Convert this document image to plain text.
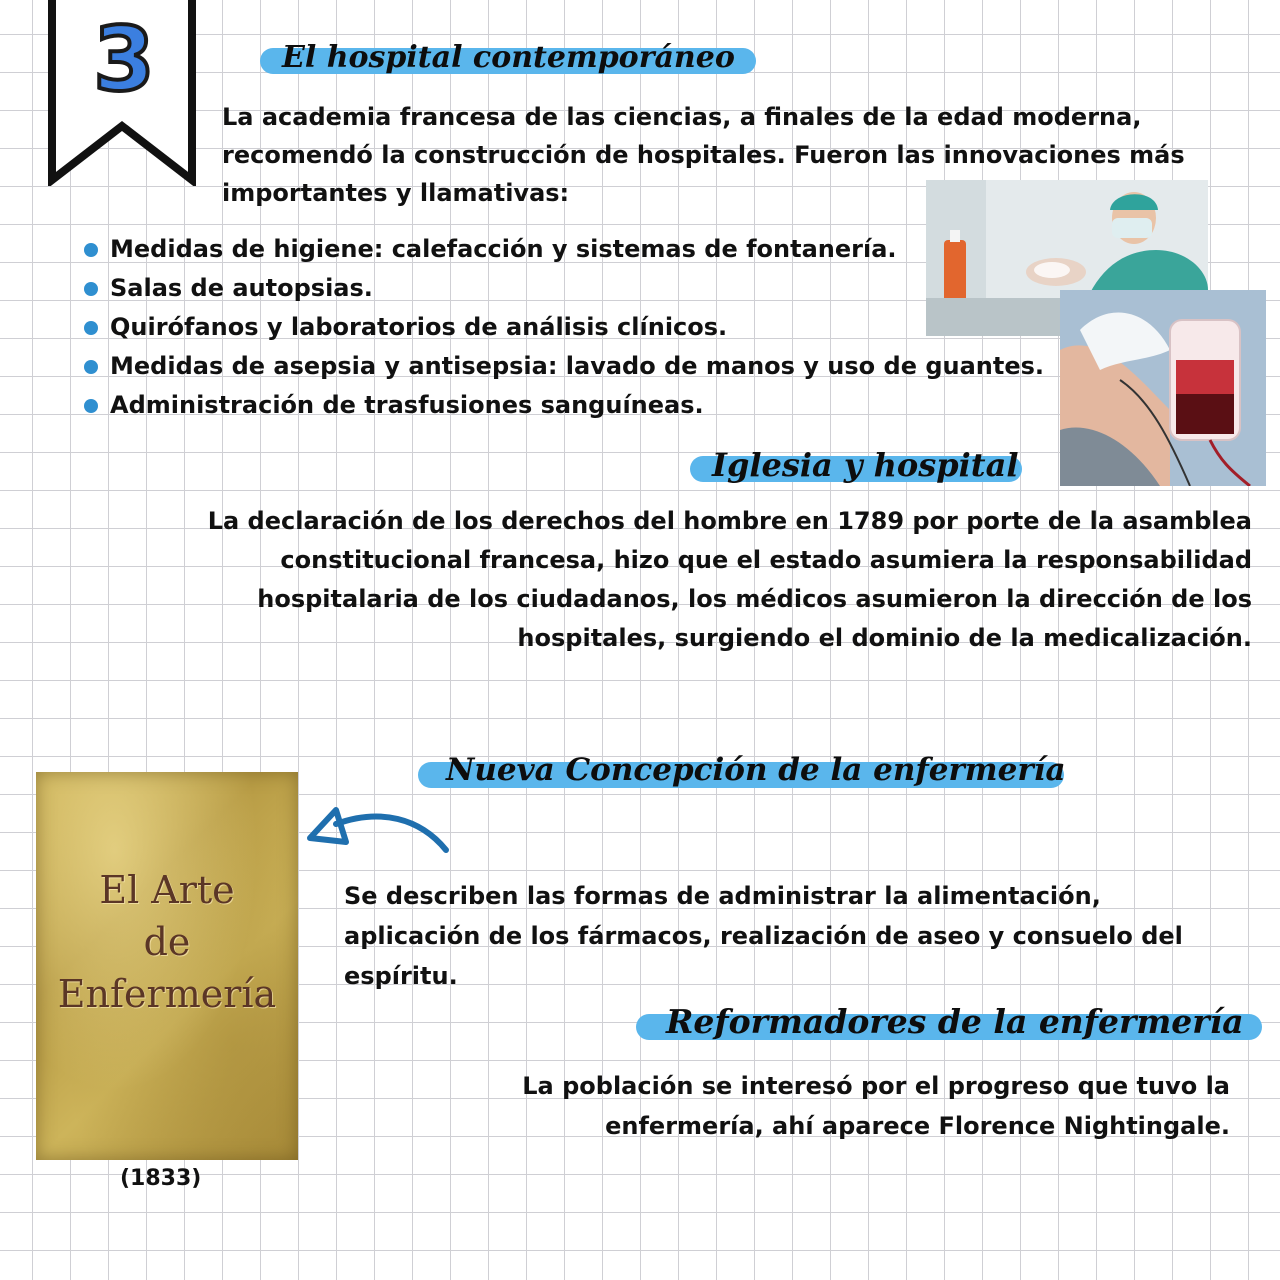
3	El hospital contemporáneo
La academia francesa de las ciencias, a finales de la edad moderna,
recomendó la construcción de hospitales. Fueron las innovaciones más
importantes y llamativas:
Medidas de higiene: calefacción y sistemas de fontanería.
Salas de autopsias.
Quirófanos y laboratorios de análisis clínicos.
Medidas de asepsia y antisepsia: lavado de manos y uso de guantes.
Administración de trasfusiones sanguíneas.
Iglesia y hospital
La declaración de los derechos del hombre en 1789 por porte de la asamblea
constitucional francesa, hizo que el estado asumiera la responsabilidad
hospitalaria de los ciudadanos, los médicos asumieron la dirección de los
hospitales, surgiendo el dominio de la medicalización.
Nueva Concepción de la enfermería
El Arte
de
Enfermería
(1833)
Se describen las formas de administrar la alimentación,
aplicación de los fármacos, realización de aseo y consuelo del
espíritu.
Reformadores de la enfermería
La población se interesó por el progreso que tuvo la
enfermería, ahí aparece Florence Nightingale.
